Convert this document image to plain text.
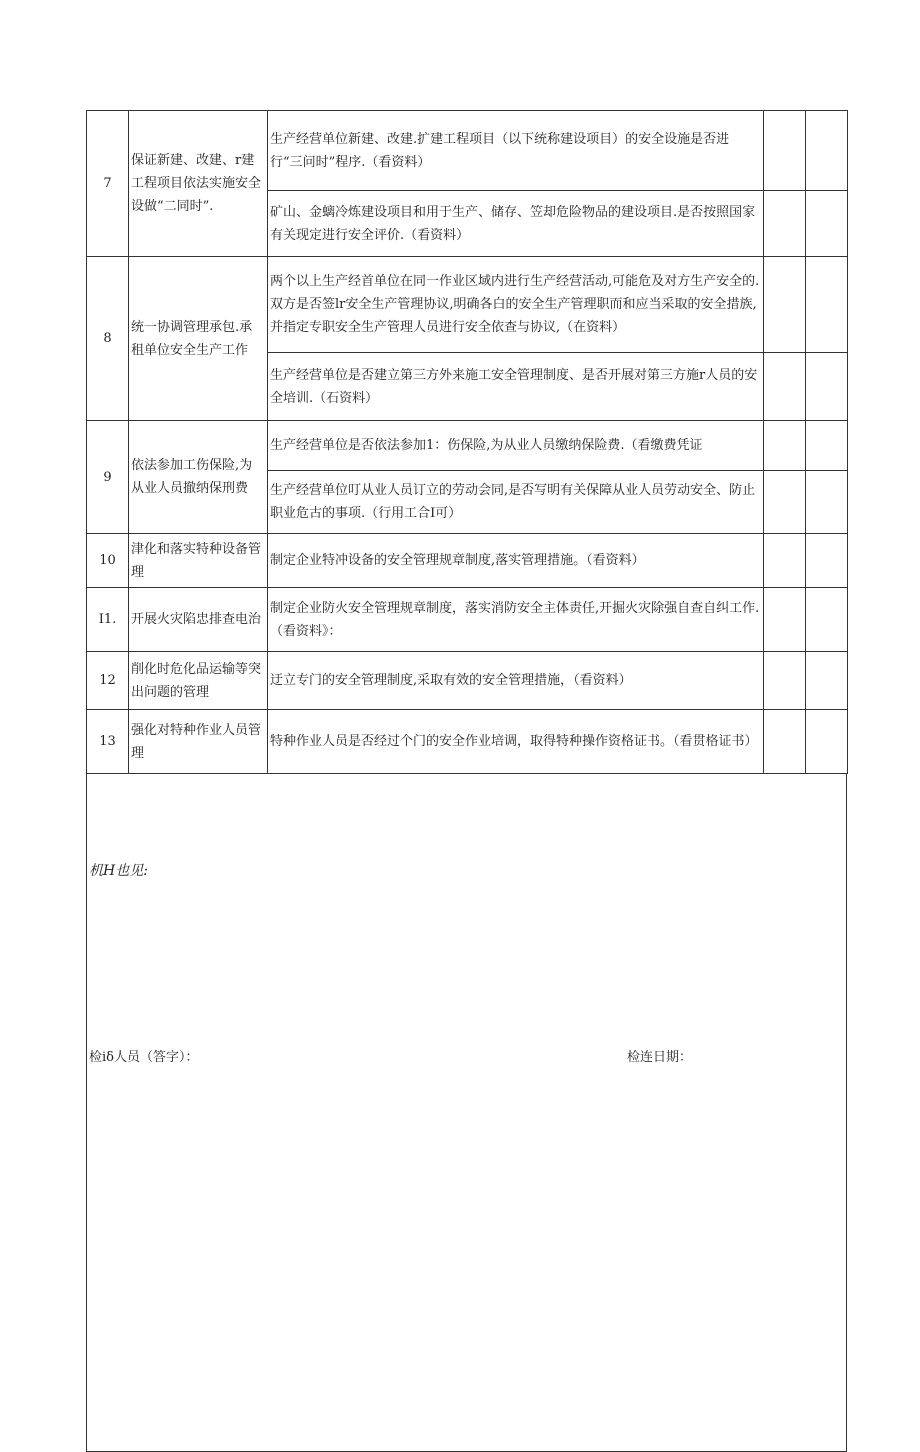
7	保证新建、改建、r建工程项目依法实施安全设做“二同时”.	生产经营单位新建、改建.扩建工程项目（以下统称建设项目）的安全设施是否进行“三问时”程序.（看资料）		
		矿山、金螭冷炼建设项目和用于生产、储存、笠却危险物品的建设项目.是否按照国家有关现定进行安全评价.（看资料）		
8	统一协调管理承包.承租单位安全生产工作	两个以上生产经首单位在同一作业区域内进行生产经营活动,可能危及对方生产安全的.双方是否签lr安全生产管理协议,明确各白的安全生产管理职而和应当采取的安全措族,并指定专职安全生产管理人员进行安全依查与协议,（在资料）		
		生产经营单位是否建立第三方外来施工安全管理制度、是否开展对第三方施r人员的安全培训.（石资料）		
9	依法参加工伤保险,为从业人员撤纳保刑费	生产经营单位是否依法参加1：伤保险,为从业人员缴纳保险费.（看缴费凭证		
		生产经营单位叮从业人员订立的劳动会同,是否写明有关保障从业人员劳动安全、防止职业危古的事项.（行用工合I可）		
10	津化和落实特种设备管理	制定企业特冲设备的安全管理规章制度,落实管理措施。（看资料）		
I1.	开展火灾陷忠排查电治	制定企业防火安全管理规章制度，落实消防安全主体责任,开掘火灾除强自查自纠工作.（看资料》：		
12	削化时危化品运输等突出问题的管理	迂立专门的安全管理制度,采取有效的安全管理措施，（看资料）		
13	强化对特种作业人员管理	特种作业人员是否经过个门的安全作业培调，取得特种操作资格证书。（看贯格证书）		
机H也见:
检iδ人员（答字）：	检连日期：
